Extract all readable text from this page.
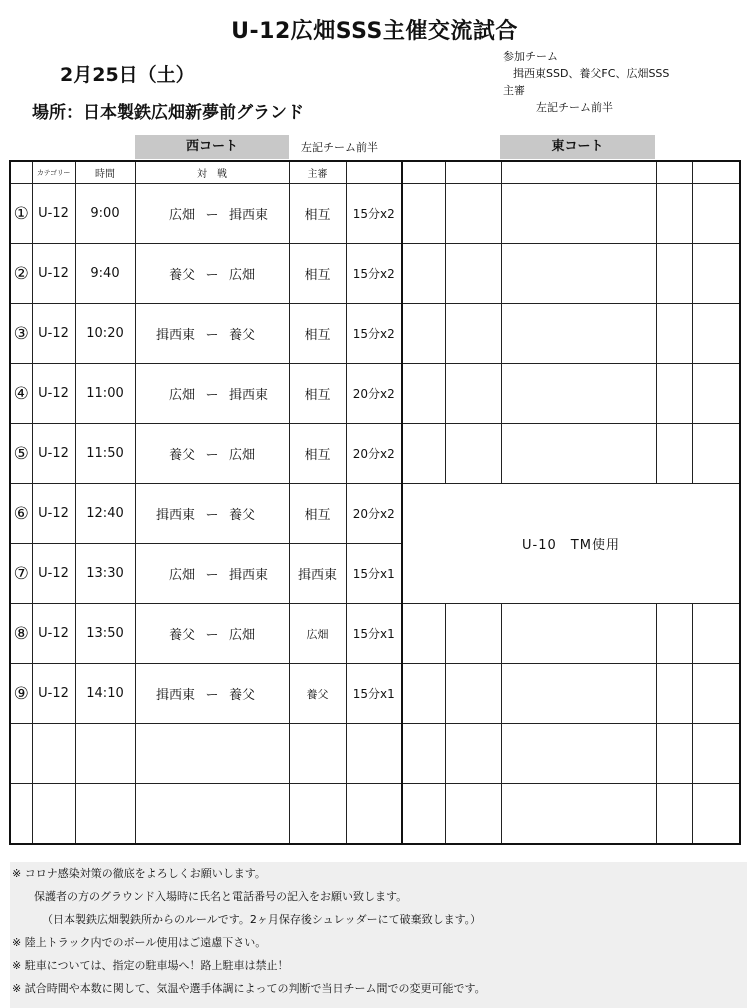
U-12広畑SSS主催交流試合
2月25日（土）
場所：日本製鉄広畑新夢前グランド
参加チーム
揖西東SSD、養父FC、広畑SSS
主審
左記チーム前半
西コート	左記チーム前半	東コート
	カテゴリー	時間	対　戦	主審						
①	U-12	9:00	広畑 ー 揖西東	相互	15分x2					
②	U-12	9:40	養父 ー 広畑	相互	15分x2					
③	U-12	10:20	揖西東 ー 養父	相互	15分x2					
④	U-12	11:00	広畑 ー 揖西東	相互	20分x2					
⑤	U-12	11:50	養父 ー 広畑	相互	20分x2					
⑥	U-12	12:40	揖西東 ー 養父	相互	20分x2	U-10　TM使用				
⑦	U-12	13:30	広畑 ー 揖西東	揖西東	15分x1					
⑧	U-12	13:50	養父 ー 広畑	広畑	15分x1					
⑨	U-12	14:10	揖西東 ー 養父	養父	15分x1					

※ コロナ感染対策の徹底をよろしくお願いします。
保護者の方のグラウンド入場時に氏名と電話番号の記入をお願い致します。
（日本製鉄広畑製鉄所からのルールです。2ヶ月保存後シュレッダーにて破棄致します。）
※ 陸上トラック内でのボール使用はご遠慮下さい。
※ 駐車については、指定の駐車場へ！路上駐車は禁止！
※ 試合時間や本数に関して、気温や選手体調によっての判断で当日チーム間での変更可能です。
